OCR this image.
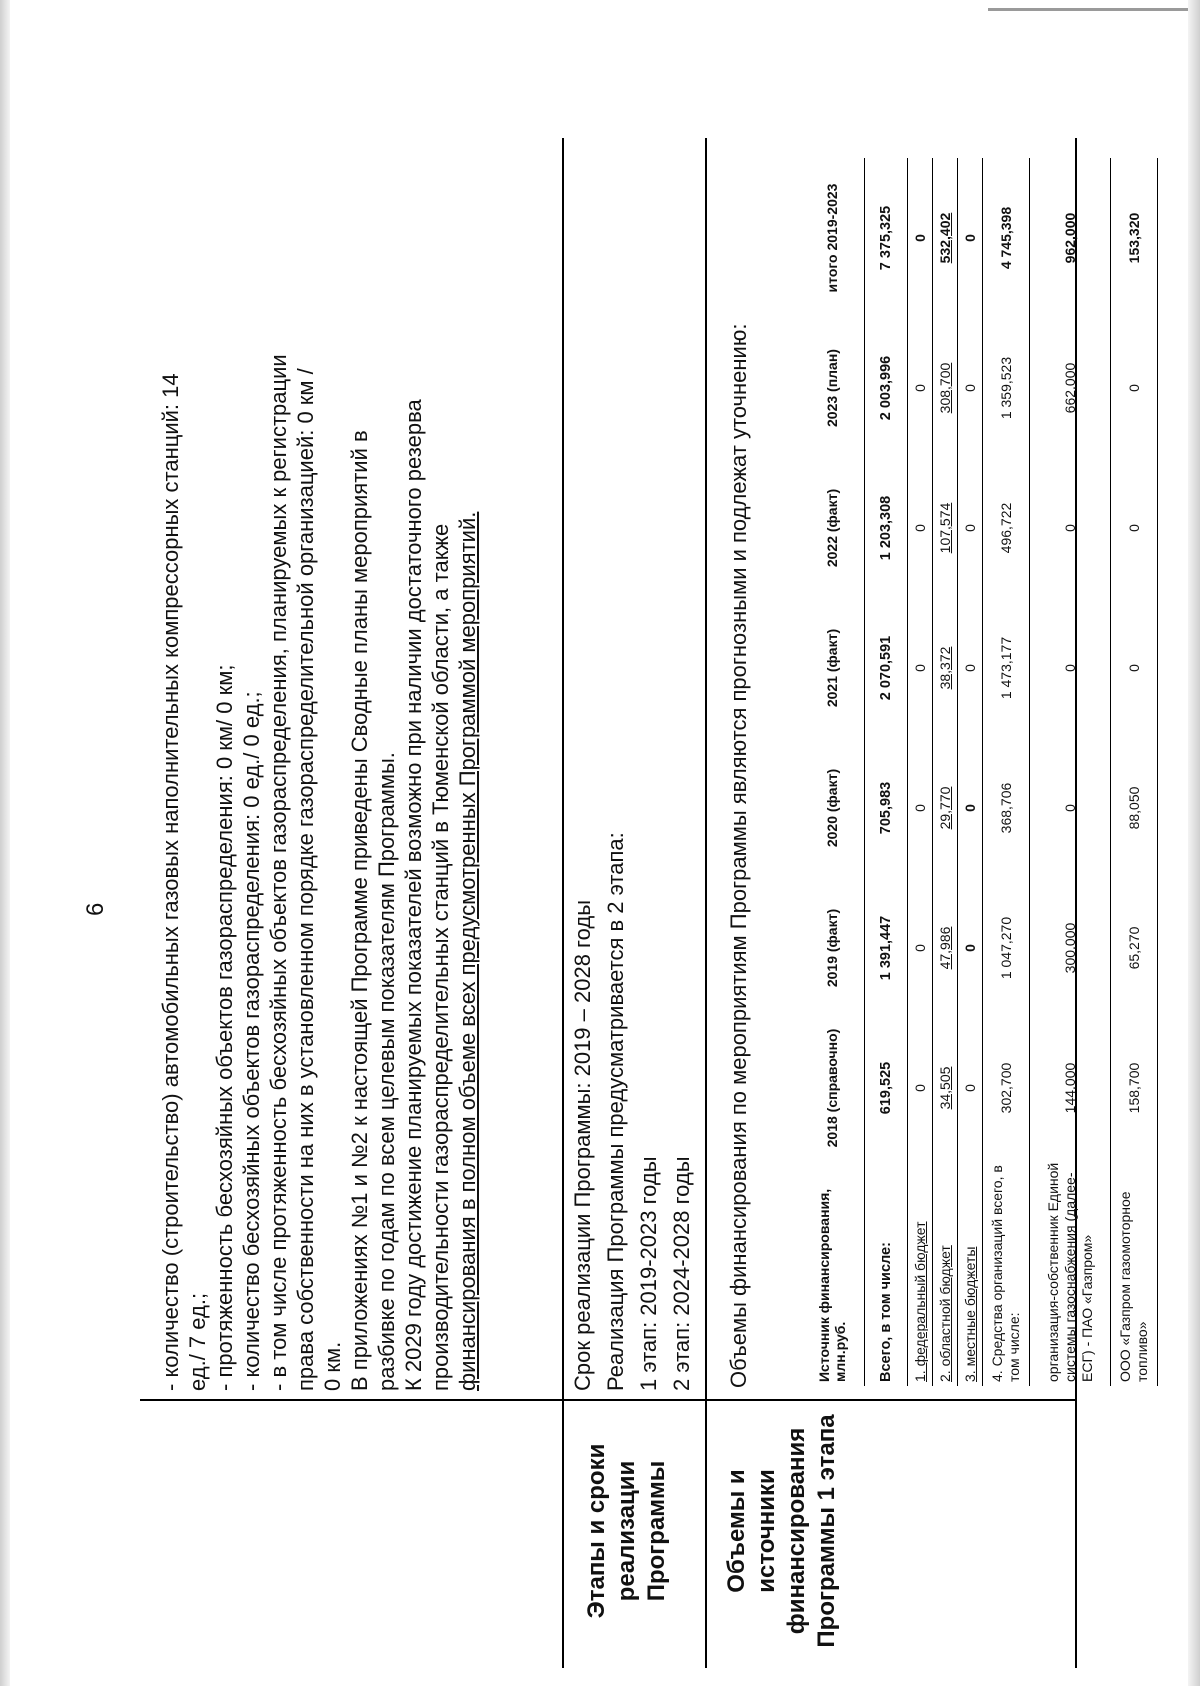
6 - количество (строительство) автомобильных газовых наполнительных компрессорных станций: 14 ед./ 7 ед.; - протяженность бесхозяйных объектов газораспределения: 0 км/ 0 км; - количество бесхозяйных объектов газораспределения: 0 ед./ 0 ед.; - в том числе протяженность бесхозяйных объектов газораспределения, планируемых к регистрации права собственности на них в установленном порядке газораспределительной организацией: 0 км / 0 км. В приложениях №1 и №2 к настоящей Программе приведены Сводные планы мероприятий в разбивке по годам по всем целевым показателям Программы. К 2029 году достижение планируемых показателей возможно при наличии достаточного резерва производительности газораспределительных станций в Тюменской области, а также финансирования в полном объеме всех предусмотренных Программой мероприятий.

Этапы и сроки реализации Программы

Срок реализации Программы: 2019 – 2028 годы Реализация Программы предусматривается в 2 этапа: 1 этап: 2019-2023 годы 2 этап: 2024-2028 годы

Объемы и источники финансирования Программы 1 этапа
Объемы финансирования по мероприятиям Программы являются прогнозными и подлежат уточнению:	Источник финансирования, млн.руб.	2018 (справочно)	2019 (факт)	2020 (факт)	2021 (факт)	2022 (факт)	2023 (план)	итого 2019-2023
Всего, в том числе:	619,525	1 391,447	705,983	2 070,591	1 203,308	2 003,996	7 375,325
1. федеральный бюджет	0	0	0	0	0	0	0
2. областной бюджет	34,505	47,986	29,770	38,372	107,574	308,700	532,402
3. местные бюджеты	0	0	0	0	0	0	0
4. Средства организаций всего, в том числе:	302,700	1 047,270	368,706	1 473,177	496,722	1 359,523	4 745,398
организация-собственник Единой системы газоснабжения (далее-ЕСГ) - ПАО «Газпром»	144,000	300,000	0	0	0	662,000	962,000
ООО «Газпром газомоторное топливо»	158,700	65,270	88,050	0	0	0	153,320
